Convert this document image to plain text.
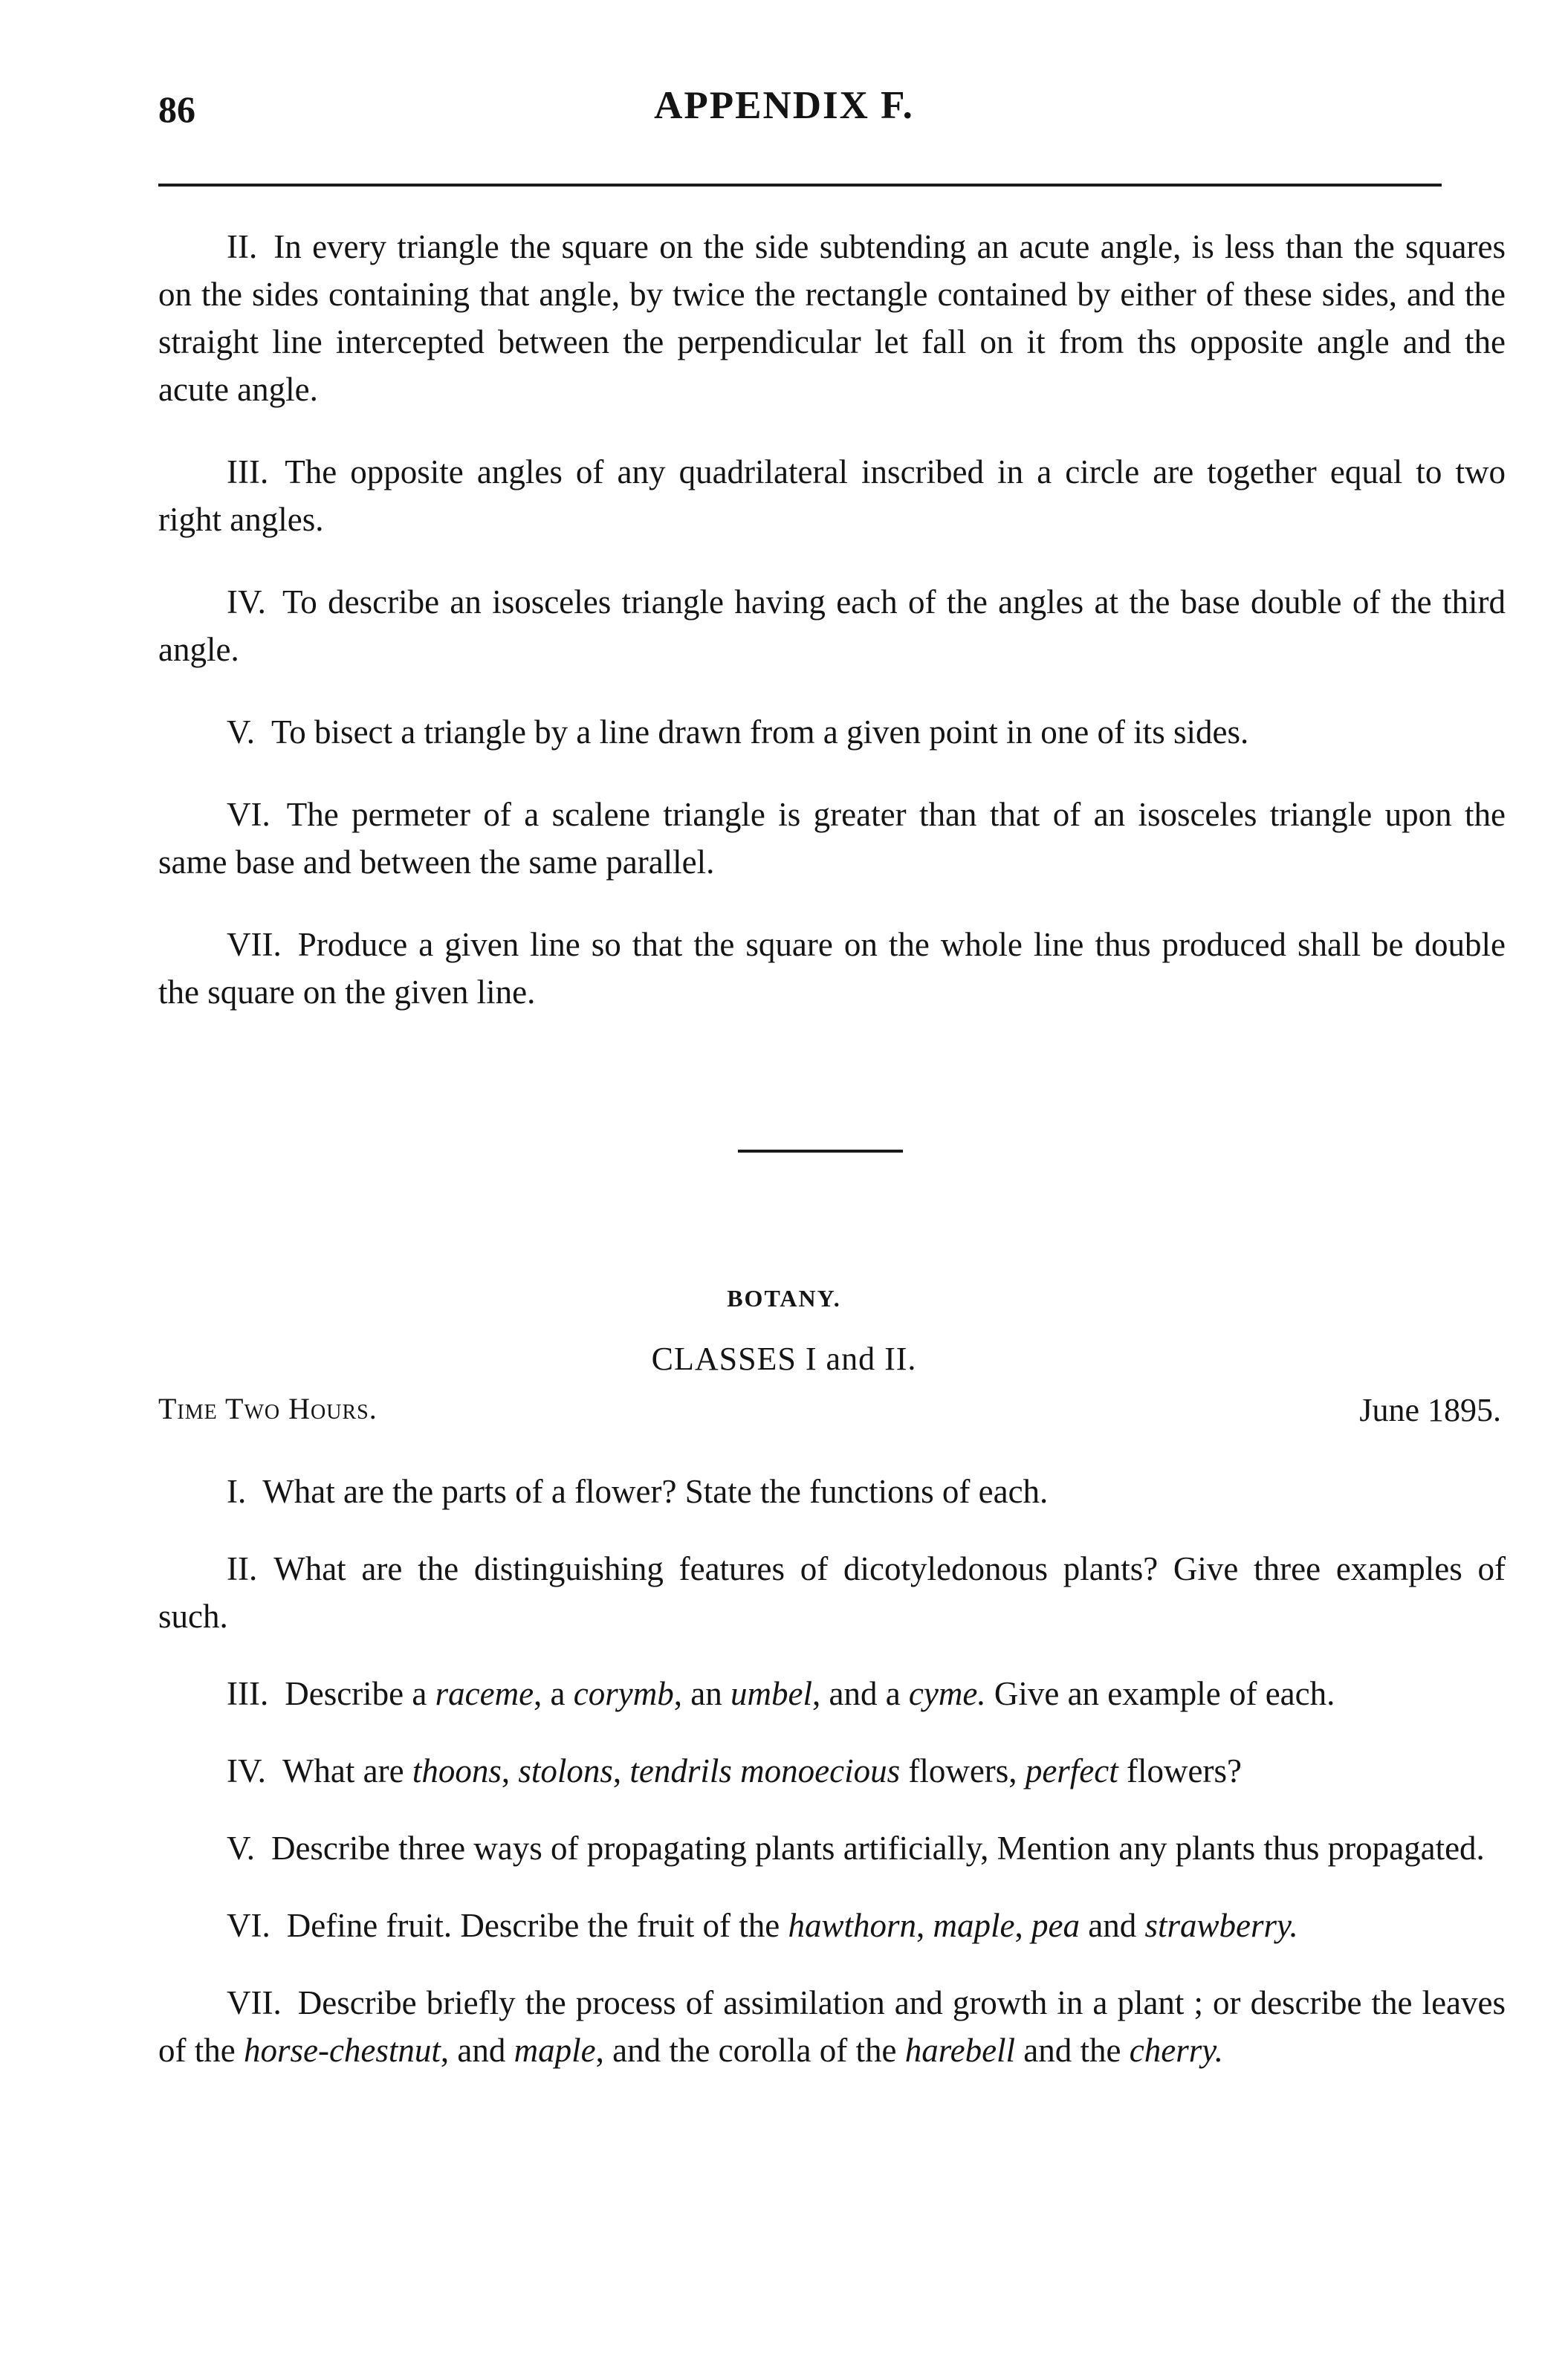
86	APPENDIX F.

II. In every triangle the square on the side subtending an acute angle, is less than the squares on the sides containing that angle, by twice the rectangle contained by either of these sides, and the straight line intercepted between the perpendicular let fall on it from ths opposite angle and the acute angle.

III. The opposite angles of any quadrilateral inscribed in a circle are together equal to two right angles.

IV. To describe an isosceles triangle having each of the angles at the base double of the third angle.

V. To bisect a triangle by a line drawn from a given point in one of its sides.

VI. The permeter of a scalene triangle is greater than that of an isosceles triangle upon the same base and between the same parallel.

VII. Produce a given line so that the square on the whole line thus produced shall be double the square on the given line.

BOTANY.
CLASSES I and II.
Time Two Hours.	June 1895.

I. What are the parts of a flower? State the functions of each.

II. What are the distinguishing features of dicotyledonous plants? Give three examples of such.

III. Describe a raceme, a corymb, an umbel, and a cyme. Give an example of each.

IV. What are thoons, stolons, tendrils monoecious flowers, perfect flowers?

V. Describe three ways of propagating plants artificially, Mention any plants thus propagated.

VI. Define fruit. Describe the fruit of the hawthorn, maple, pea and strawberry.

VII. Describe briefly the process of assimilation and growth in a plant ; or describe the leaves of the horse-chestnut, and maple, and the corolla of the harebell and the cherry.
